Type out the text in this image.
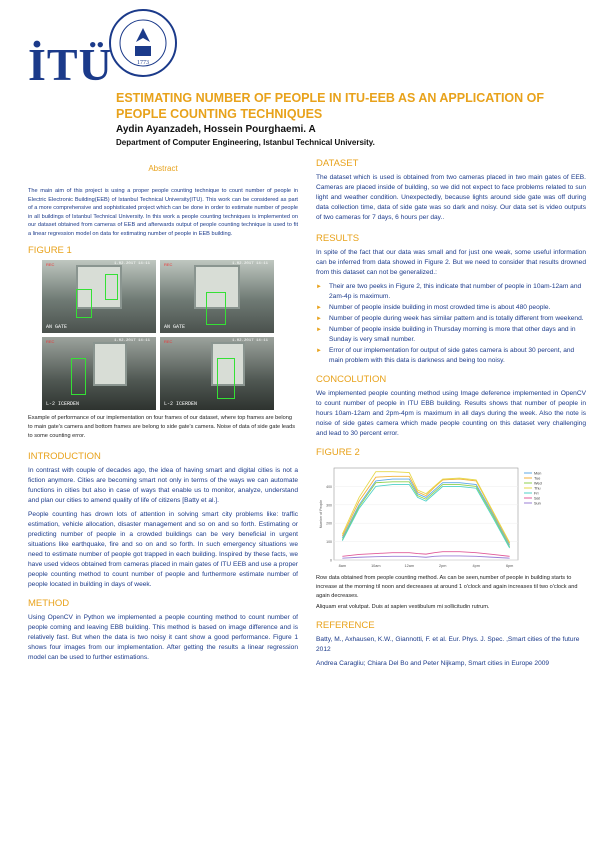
İTÜ	1773
ESTIMATING NUMBER OF PEOPLE IN ITU-EEB AS AN APPLICATION OF PEOPLE COUNTING TECHNIQUES
Aydin Ayanzadeh, Hossein Pourghaemi. A
Department of Computer Engineering, Istanbul Technical University.
Abstract

The main aim of this project is using a proper people counting technique to count number of people in Electric Electronic Building(EEB) of Istanbul Technical University(ITU). This work can be considered as part of a more comprehensive and sophisticated project which can be done in order to estimate number of people in all buildings of Istanbul Technical University. In this work a people counting techniques is implemented on our dataset obtained from cameras of EEB and afterwards output of people counting technique is used to fit a linear regression model on data for estimating number of people in EEB building.

FIGURE 1
REC	1.02.2017 14:11
AN GATE
REC	1.02.2017 14:11
AN GATE
REC	1.02.2017 14:11
L-2 ICERDEN
REC	1.02.2017 14:11
L-2 ICERDEN

Example of performance of our implementation on four frames of our dataset, where top frames are belong to main gate's camera and bottom frames are belong to side gate's camera. Noise of data of side gate leads to some counting error.

INTRODUCTION

In contrast with couple of decades ago, the idea of having smart and digital cities is not a fiction anymore. Cities are becoming smart not only in terms of the ways we can automate functions in cities but also in case of ways that enable us to monitor, analyze, understand and plan our cities to amend quality of life of citizens [Batty et al.].

People counting has drown lots of attention in solving smart city problems like: traffic estimation, vehicle allocation, disaster management and so on and so forth. Estimating or predicting number of people in a crowded buildings can be very beneficial in urgent situations like earthquake, fire and so on and so forth. In such emergency situations we need to estimate number of people got trapped in each building. Inspired by these facts, we have used videos obtained from cameras placed in main gates of ITU EEB and use a proper people counting method to count number of people and furthermore estimate number of people located in building in days of week.

METHOD

Using OpenCV in Python we implemented a people counting method to count number of people coming and leaving EBB building. This method is based on image difference and is relatively fast. But when the data is two noisy it cant show a good performance. Figure 1 shows four images from our implementation. After getting the results a linear regression model can be used to further estimations.

DATASET

The dataset which is used is obtained from two cameras placed in two main gates of EEB. Cameras are placed inside of building, so we did not expect to face problems related to sun light and weather condition. Unexpectedly, because lights around side gate was off during data collection time, data of side gate was so dark and noisy. Our data set is video outputs of two cameras for 7 days, 6 hours per day..

RESULTS

In spite of the fact that our data was small and for just one weak, some useful information can be inferred from data showed in Figure 2. But we need to consider that results drowned from this dataset can not be generalized.:

► Their are two peeks in Figure 2, this indicate that number of people in 10am-12am and 2am-4p is maximum.
► Number of people inside building in most crowded time is about 480 people.
► Number of people during week has similar pattern and is totally different from weekend.
► Number of people inside building in Thursday morning is more that other days and in Sunday is very small number.
► Error of our implementation for output of side gates camera is about 30 percent, and main problem with this data is darkness and being too noisy.
CONCOLUTION

We implemented people counting method using Image deference implemented in OpenCV to count number of people in ITU EBB building. Results shows that number of people in hours 10am-12am and 2pm-4pm is maximum in all days during the week. Also the note is noise of side gates camera which made people counting on this dataset very challenging and lead to 30 percent error.

FIGURE 2
0
100
200
300
400
Number of People
8am	10am	12am	2pm	4pm	6pm
Mon
Tue
Wed
Thu
Fri
Sat
Sun

Row data obtained from people counting method. As can be seen,number of people in building starts to increase at the morning til noon and decreases at around 1 o'clock and again increases til two o'clock and again decreases.

Aliquam erat volutpat. Duis at sapien vestibulum mi sollicitudin rutrum.

REFERENCE

Batty, M., Axhausen, K.W., Giannotti, F. et al. Eur. Phys. J. Spec. ,Smart cities of the future 2012

Andrea Caragliu; Chiara Del Bo and Peter Nijkamp, Smart cities in Europe 2009
